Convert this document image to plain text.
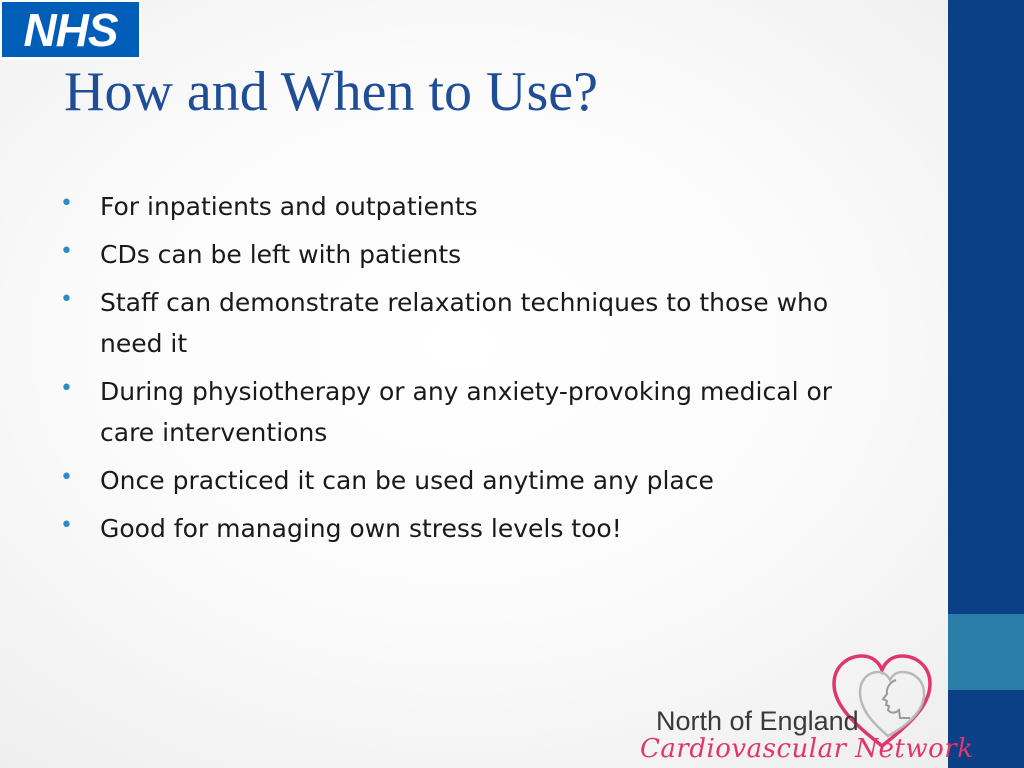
NHS
How and When to Use?
• For inpatients and outpatients
• CDs can be left with patients
• Staff can demonstrate relaxation techniques to those who need it
• During physiotherapy or any anxiety-provoking medical or care interventions
• Once practiced it can be used anytime any place
• Good for managing own stress levels too!
North of England
Cardiovascular Network
